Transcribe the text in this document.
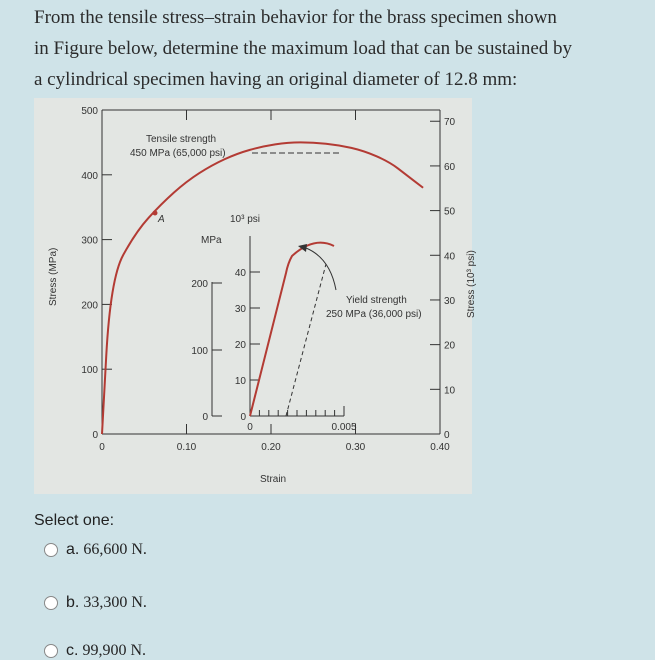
From the tensile stress–strain behavior for the brass specimen shown
in Figure below, determine the maximum load that can be sustained by
a cylindrical specimen having an original diameter of 12.8 mm:
0
100
200
300
400
500
0
10
20
30
40
50
60
70
0	0.10	0.20	0.30	0.40
Stress (MPa)	Stress (10³ psi)
Strain
Tensile strength
450 MPa (65,000 psi)
A	10³ psi
MPa
0
10
20
30
40
0
100
200
0	0.005
Yield strength
250 MPa (36,000 psi)
Select one:
a. 66,600 N.
b. 33,300 N.
c. 99,900 N.
